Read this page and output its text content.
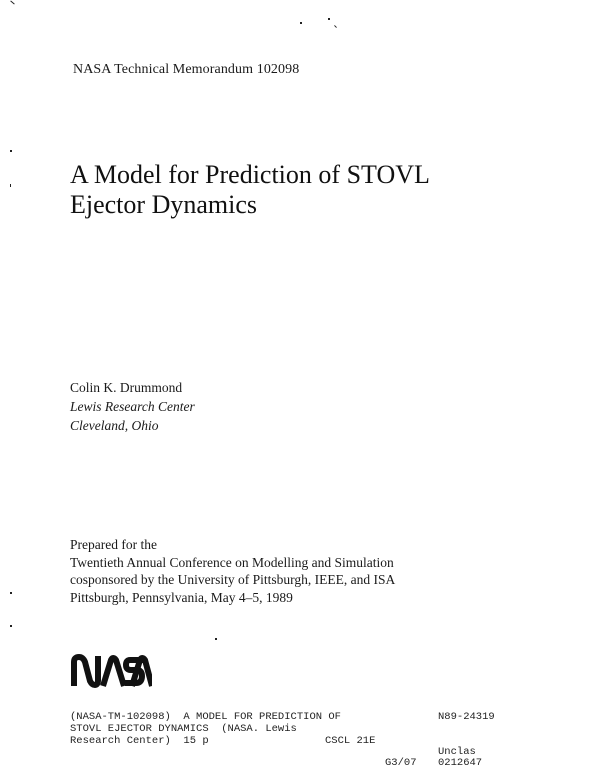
NASA Technical Memorandum 102098
A Model for Prediction of STOVL
Ejector Dynamics
Colin K. Drummond
Lewis Research Center
Cleveland, Ohio
Prepared for the
Twentieth Annual Conference on Modelling and Simulation
cosponsored by the University of Pittsburgh, IEEE, and ISA
Pittsburgh, Pennsylvania, May 4–5, 1989
(NASA-TM-102098)  A MODEL FOR PREDICTION OF
STOVL EJECTOR DYNAMICS  (NASA. Lewis
Research Center)  15 p	CSCL 21E
N89-24319
Unclas
G3/07 0212647
